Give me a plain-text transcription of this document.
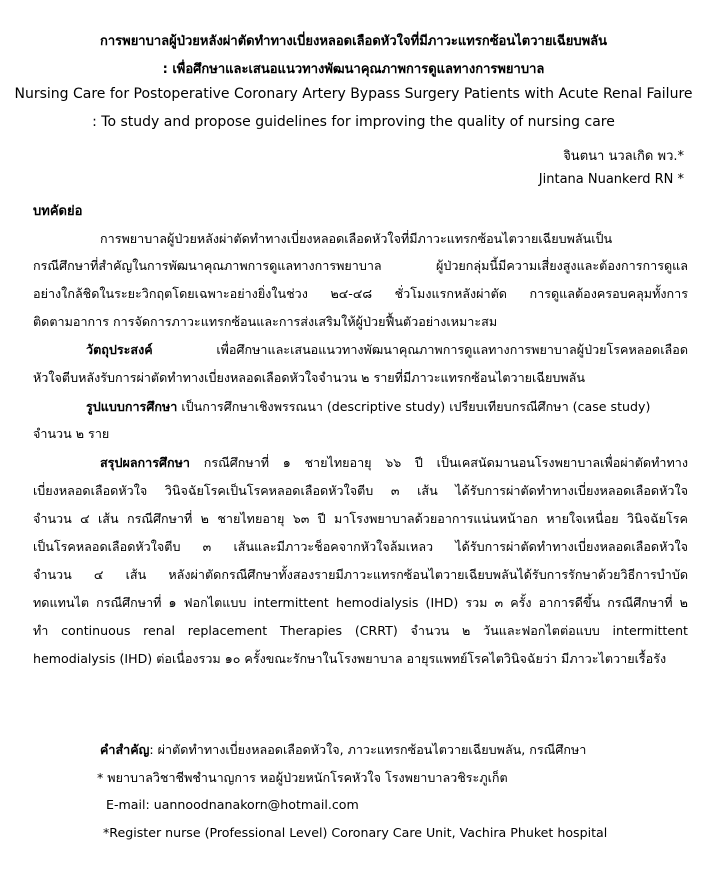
การพยาบาลผู้ป่วยหลังผ่าตัดทำทางเบี่ยงหลอดเลือดหัวใจที่มีภาวะแทรกซ้อนไตวายเฉียบพลัน
: เพื่อศึกษาและเสนอแนวทางพัฒนาคุณภาพการดูแลทางการพยาบาล
Nursing Care for Postoperative Coronary Artery Bypass Surgery Patients with Acute Renal Failure
: To study and propose guidelines for improving the quality of nursing care
จินตนา นวลเกิด พว.*
Jintana Nuankerd RN *
บทคัดย่อ
การพยาบาลผู้ป่วยหลังผ่าตัดทำทางเบี่ยงหลอดเลือดหัวใจที่มีภาวะแทรกซ้อนไตวายเฉียบพลันเป็น
กรณีศึกษาที่สำคัญในการพัฒนาคุณภาพการดูแลทางการพยาบาล ผู้ป่วยกลุ่มนี้มีความเสี่ยงสูงและต้องการการดูแล
อย่างใกล้ชิดในระยะวิกฤตโดยเฉพาะอย่างยิ่งในช่วง ๒๔-๔๘ ชั่วโมงแรกหลังผ่าตัด การดูแลต้องครอบคลุมทั้งการ
ติดตามอาการ การจัดการภาวะแทรกซ้อนและการส่งเสริมให้ผู้ป่วยฟื้นตัวอย่างเหมาะสม
วัตถุประสงค์ เพื่อศึกษาและเสนอแนวทางพัฒนาคุณภาพการดูแลทางการพยาบาลผู้ป่วยโรคหลอดเลือด
หัวใจตีบหลังรับการผ่าตัดทำทางเบี่ยงหลอดเลือดหัวใจจำนวน ๒ รายที่มีภาวะแทรกซ้อนไตวายเฉียบพลัน
รูปแบบการศึกษา เป็นการศึกษาเชิงพรรณนา (descriptive study) เปรียบเทียบกรณีศึกษา (case study)
จำนวน ๒ ราย
สรุปผลการศึกษา กรณีศึกษาที่ ๑ ชายไทยอายุ ๖๖ ปี เป็นเคสนัดมานอนโรงพยาบาลเพื่อผ่าตัดทำทาง
เบี่ยงหลอดเลือดหัวใจ วินิจฉัยโรคเป็นโรคหลอดเลือดหัวใจตีบ ๓ เส้น ได้รับการผ่าตัดทำทางเบี่ยงหลอดเลือดหัวใจ
จำนวน ๔ เส้น กรณีศึกษาที่ ๒ ชายไทยอายุ ๖๓ ปี มาโรงพยาบาลด้วยอาการแน่นหน้าอก หายใจเหนื่อย วินิจฉัยโรค
เป็นโรคหลอดเลือดหัวใจตีบ ๓ เส้นและมีภาวะช็อคจากหัวใจล้มเหลว ได้รับการผ่าตัดทำทางเบี่ยงหลอดเลือดหัวใจ
จำนวน ๔ เส้น หลังผ่าตัดกรณีศึกษาทั้งสองรายมีภาวะแทรกซ้อนไตวายเฉียบพลันได้รับการรักษาด้วยวิธีการบำบัด
ทดแทนไต กรณีศึกษาที่ ๑ ฟอกไตแบบ intermittent hemodialysis (IHD) รวม ๓ ครั้ง อาการดีขึ้น กรณีศึกษาที่ ๒
ทำ continuous renal replacement Therapies (CRRT) จำนวน ๒ วันและฟอกไตต่อแบบ intermittent
hemodialysis (IHD) ต่อเนื่องรวม ๑๐ ครั้งขณะรักษาในโรงพยาบาล อายุรแพทย์โรคไตวินิจฉัยว่า มีภาวะไตวายเรื้อรัง
คำสำคัญ: ผ่าตัดทำทางเบี่ยงหลอดเลือดหัวใจ, ภาวะแทรกซ้อนไตวายเฉียบพลัน, กรณีศึกษา
* พยาบาลวิชาชีพชำนาญการ หอผู้ป่วยหนักโรคหัวใจ โรงพยาบาลวชิระภูเก็ต
E-mail: uannoodnanakorn@hotmail.com
*Register nurse (Professional Level) Coronary Care Unit, Vachira Phuket hospital
